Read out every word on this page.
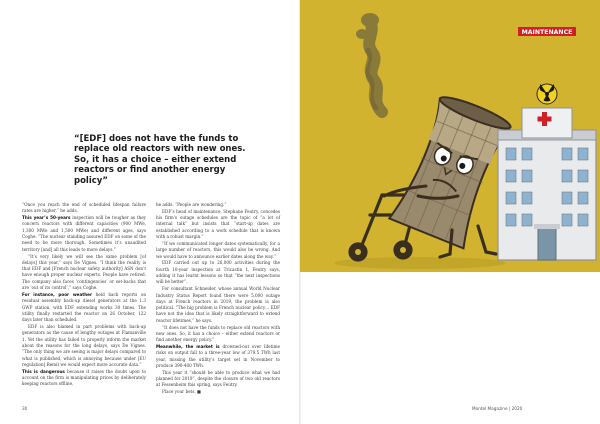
“[EDF] does not have the funds to replace old reactors with new ones. So, it has a choice – either extend reactors or find another energy policy”

“Once you reach the end of scheduled lifespan failure rates are higher,” he adds.

This year’s 50-years inspection will be tougher as they concern reactors with different capacities (900 MWe, 1,300 MWe and 1,500 MWe) and different ages, says Coghe. “The nuclear standing assured EDF on some of the need to be more thorough. Sometimes it’s unaudited territory [and] all this leads to more delays.”

“It’s very likely we will see the same problem [of delays] this year,” says De Vignes. “I think the reality is that EDF and [French nuclear safety authority] ASN don’t have enough proper nuclear experts. People have retired. The company also faces ‘contingencies’ or set-backs that are ‘out of its control’,” says Coghe.

For instance, poor weather held back reports on residual assembly back-up diesel generators at the 1.3 GWP station, with EDF extending works 30 times. The utility finally restarted the reactor on 26 October, 122 days later than scheduled.

EDF is also blamed in part problems with back-up generators as the cause of lengthy outages at Flamanville 1. Yet the utility has failed to properly inform the market about the reasons for the long delays, says De Vignes. “The only thing we are seeing is major delays compared to what is published, which is annoying because under [EU regulation] Remit we would expect more accurate data.”

This is dangerous because it raises the doubt upon to account on the firm is manipulating prices by deliberately keeping reactors offline,

he adds. “People are wondering.”

EDF’s head of maintenance, Stephane Feutry, concedes his firm’s outage schedules are the topic of “a lot of internal talk” but insists that “start-up dates are established according to a work schedule that is known with a robust margin.”

“If we communicated longer dates systematically, for a large number of reactors, this would also be wrong. And we would have to announce earlier dates along the way.”

EDF carried out up to 26,000 activities during the fourth 10-year inspection at Tricastin 1, Feutry says, adding it has learnt lessons so that “the next inspections will be better”.

For consultant Schneider, whose annual World Nuclear Industry Status Report found there were 5,000 outage days at French reactors in 2019, the problem is also political. “The big problem is French nuclear policy… EDF have not the idea that is likely straightforward to extend reactor lifetimes,” he says.

“It does not have the funds to replace old reactors with new ones. So, it has a choice – either extend reactors or find another energy policy.”

Meanwhile, the market is drowned-out over lifetime risks on output fall to a three-year low of 379.5 TWh last year, missing the utility’s target set in November to produce 390-400 TWh.

This year it “should be able to produce what we had planned for 2019”, despite the closure of two old reactors at Fessenheim this spring, says Feutry.

Place your bets. ■

MAINTENANCE
30	Montel Magazine | 2020
